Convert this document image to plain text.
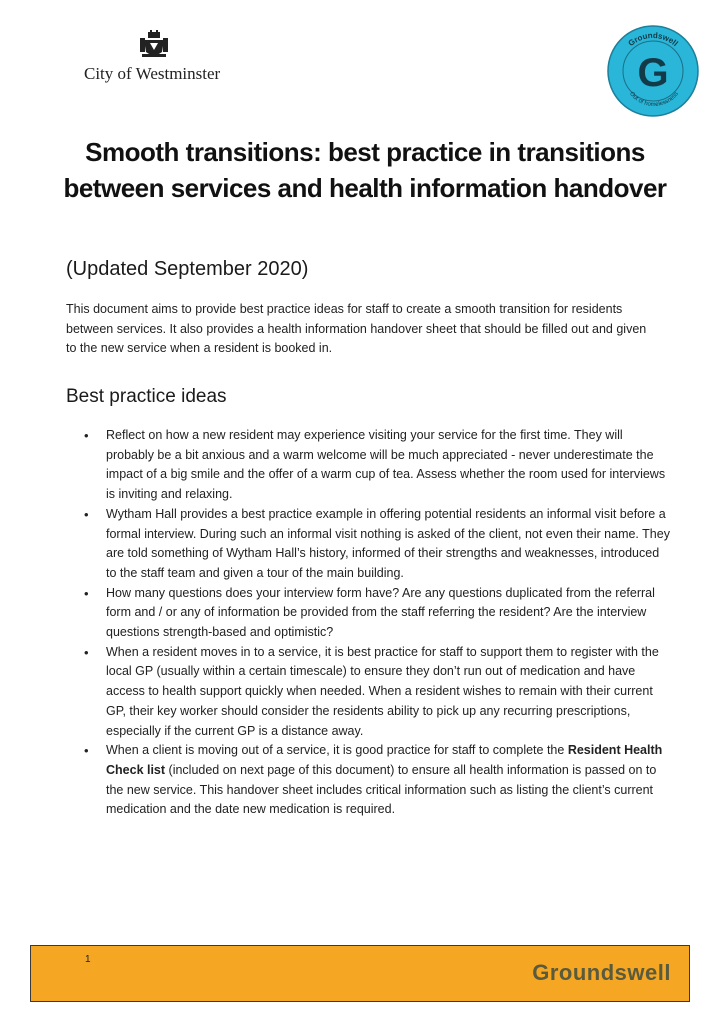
City of Westminster
Groundswell
G
Out of homelessness
Smooth transitions: best practice in transitions between services and health information handover
(Updated September 2020)
This document aims to provide best practice ideas for staff to create a smooth transition for residents between services. It also provides a health information handover sheet that should be filled out and given to the new service when a resident is booked in.
Best practice ideas
• Reflect on how a new resident may experience visiting your service for the first time. They will probably be a bit anxious and a warm welcome will be much appreciated - never underestimate the impact of a big smile and the offer of a warm cup of tea. Assess whether the room used for interviews is inviting and relaxing.
• Wytham Hall provides a best practice example in offering potential residents an informal visit before a formal interview. During such an informal visit nothing is asked of the client, not even their name. They are told something of Wytham Hall’s history, informed of their strengths and weaknesses, introduced to the staff team and given a tour of the main building.
• How many questions does your interview form have? Are any questions duplicated from the referral form and / or any of information be provided from the staff referring the resident? Are the interview questions strength-based and optimistic?
• When a resident moves in to a service, it is best practice for staff to support them to register with the local GP (usually within a certain timescale) to ensure they don’t run out of medication and have access to health support quickly when needed. When a resident wishes to remain with their current GP, their key worker should consider the residents ability to pick up any recurring prescriptions, especially if the current GP is a distance away.
• When a client is moving out of a service, it is good practice for staff to complete the Resident Health Check list (included on next page of this document) to ensure all health information is passed on to the new service. This handover sheet includes critical information such as listing the client’s current medication and the date new medication is required.
1
Groundswell
